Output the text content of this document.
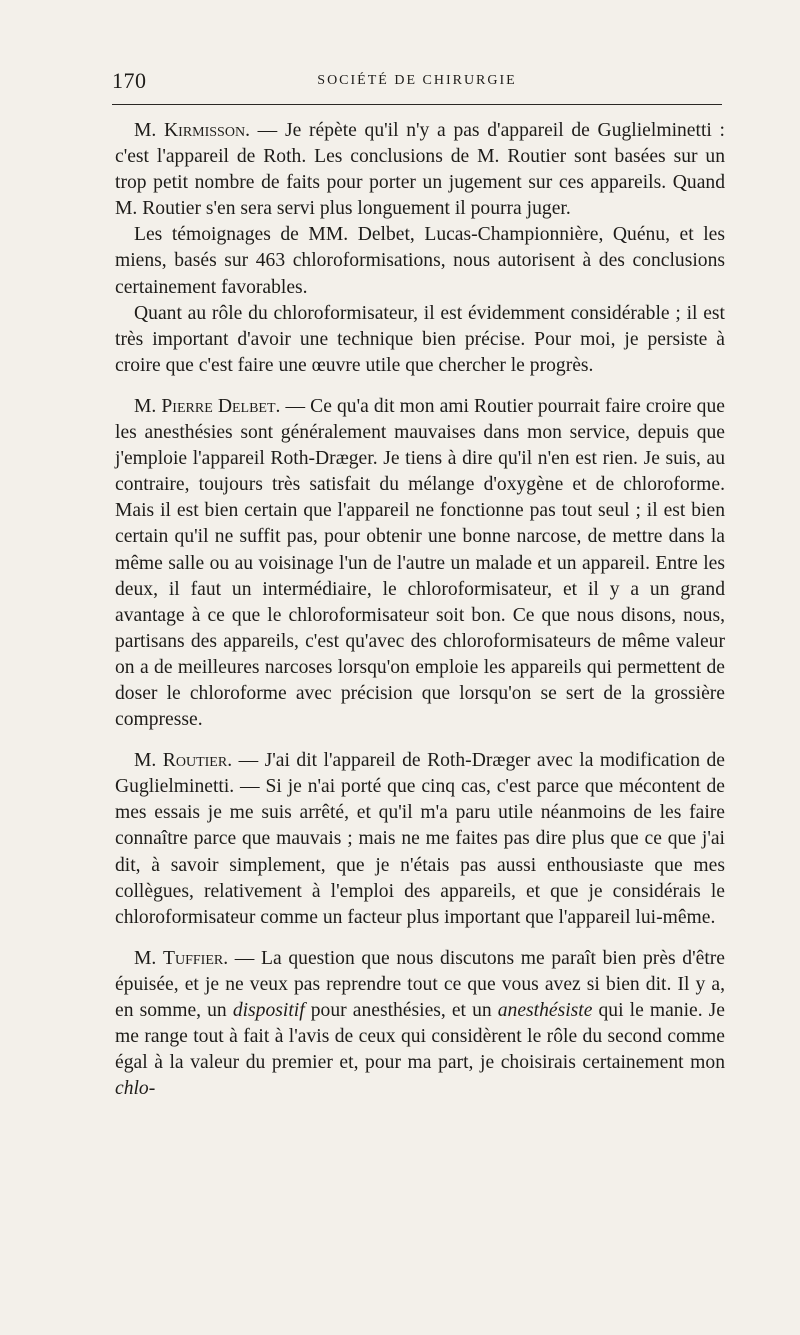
170	SOCIÉTÉ DE CHIRURGIE

M. Kirmisson. — Je répète qu'il n'y a pas d'appareil de Guglielminetti : c'est l'appareil de Roth. Les conclusions de M. Routier sont basées sur un trop petit nombre de faits pour porter un jugement sur ces appareils. Quand M. Routier s'en sera servi plus longuement il pourra juger.

Les témoignages de MM. Delbet, Lucas-Championnière, Quénu, et les miens, basés sur 463 chloroformisations, nous autorisent à des conclusions certainement favorables.

Quant au rôle du chloroformisateur, il est évidemment considérable ; il est très important d'avoir une technique bien précise. Pour moi, je persiste à croire que c'est faire une œuvre utile que chercher le progrès.

M. Pierre Delbet. — Ce qu'a dit mon ami Routier pourrait faire croire que les anesthésies sont généralement mauvaises dans mon service, depuis que j'emploie l'appareil Roth-Dræger. Je tiens à dire qu'il n'en est rien. Je suis, au contraire, toujours très satisfait du mélange d'oxygène et de chloroforme. Mais il est bien certain que l'appareil ne fonctionne pas tout seul ; il est bien certain qu'il ne suffit pas, pour obtenir une bonne narcose, de mettre dans la même salle ou au voisinage l'un de l'autre un malade et un appareil. Entre les deux, il faut un intermédiaire, le chloroformisateur, et il y a un grand avantage à ce que le chloroformisateur soit bon. Ce que nous disons, nous, partisans des appareils, c'est qu'avec des chloroformisateurs de même valeur on a de meilleures narcoses lorsqu'on emploie les appareils qui permettent de doser le chloroforme avec précision que lorsqu'on se sert de la grossière compresse.

M. Routier. — J'ai dit l'appareil de Roth-Dræger avec la modification de Guglielminetti. — Si je n'ai porté que cinq cas, c'est parce que mécontent de mes essais je me suis arrêté, et qu'il m'a paru utile néanmoins de les faire connaître parce que mauvais ; mais ne me faites pas dire plus que ce que j'ai dit, à savoir simplement, que je n'étais pas aussi enthousiaste que mes collègues, relativement à l'emploi des appareils, et que je considérais le chloroformisateur comme un facteur plus important que l'appareil lui-même.

M. Tuffier. — La question que nous discutons me paraît bien près d'être épuisée, et je ne veux pas reprendre tout ce que vous avez si bien dit. Il y a, en somme, un dispositif pour anesthésies, et un anesthésiste qui le manie. Je me range tout à fait à l'avis de ceux qui considèrent le rôle du second comme égal à la valeur du premier et, pour ma part, je choisirais certainement mon chlo-
